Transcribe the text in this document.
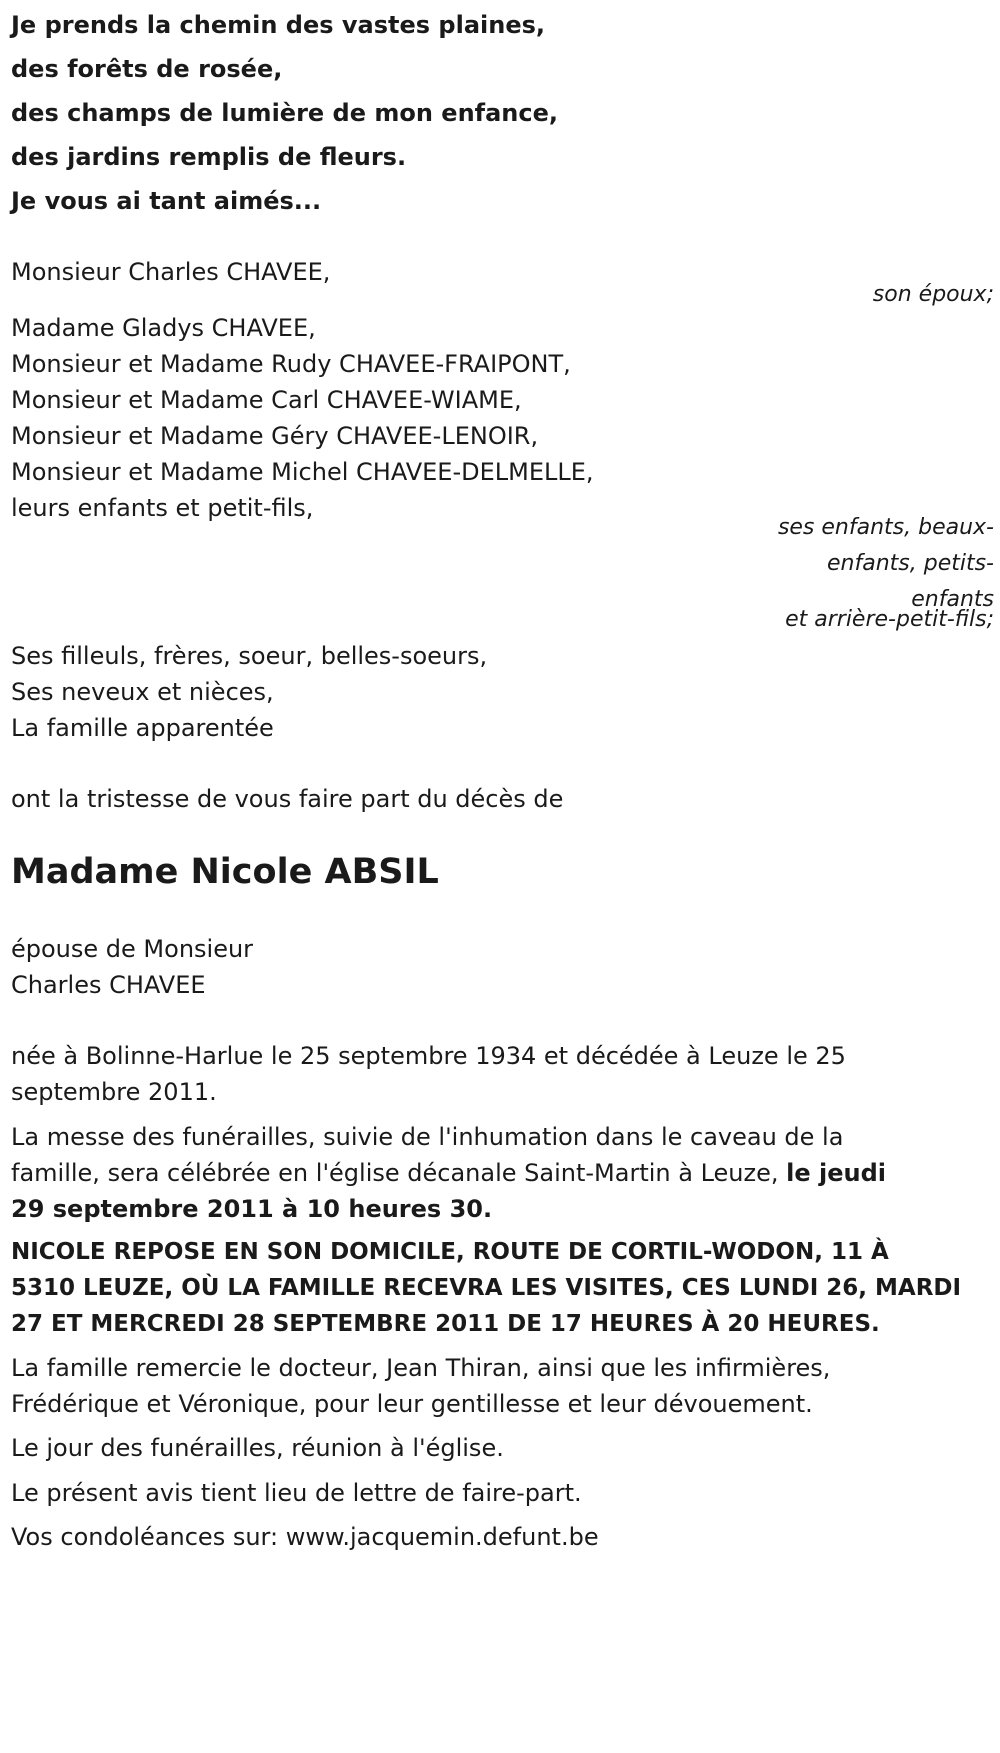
Je prends la chemin des vastes plaines,

des forêts de rosée,

des champs de lumière de mon enfance,

des jardins remplis de fleurs.

Je vous ai tant aimés...

Monsieur Charles CHAVEE,

son époux;

Madame Gladys CHAVEE,

Monsieur et Madame Rudy CHAVEE-FRAIPONT,

Monsieur et Madame Carl CHAVEE-WIAME,

Monsieur et Madame Géry CHAVEE-LENOIR,

Monsieur et Madame Michel CHAVEE-DELMELLE,

leurs enfants et petit-fils,

ses enfants, beaux-

enfants, petits-

enfants

et arrière-petit-fils;

Ses filleuls, frères, soeur, belles-soeurs,

Ses neveux et nièces,

La famille apparentée

ont la tristesse de vous faire part du décès de

Madame Nicole ABSIL

épouse de Monsieur

Charles CHAVEE

née à Bolinne-Harlue le 25 septembre 1934 et décédée à Leuze le 25

septembre 2011.

La messe des funérailles, suivie de l'inhumation dans le caveau de la

famille, sera célébrée en l'église décanale Saint-Martin à Leuze, le jeudi

29 septembre 2011 à 10 heures 30.

NICOLE REPOSE EN SON DOMICILE, ROUTE DE CORTIL-WODON, 11 À

5310 LEUZE, OÙ LA FAMILLE RECEVRA LES VISITES, CES LUNDI 26, MARDI

27 ET MERCREDI 28 SEPTEMBRE 2011 DE 17 HEURES À 20 HEURES.

La famille remercie le docteur, Jean Thiran, ainsi que les infirmières,

Frédérique et Véronique, pour leur gentillesse et leur dévouement.

Le jour des funérailles, réunion à l'église.

Le présent avis tient lieu de lettre de faire-part.

Vos condoléances sur: www.jacquemin.defunt.be
